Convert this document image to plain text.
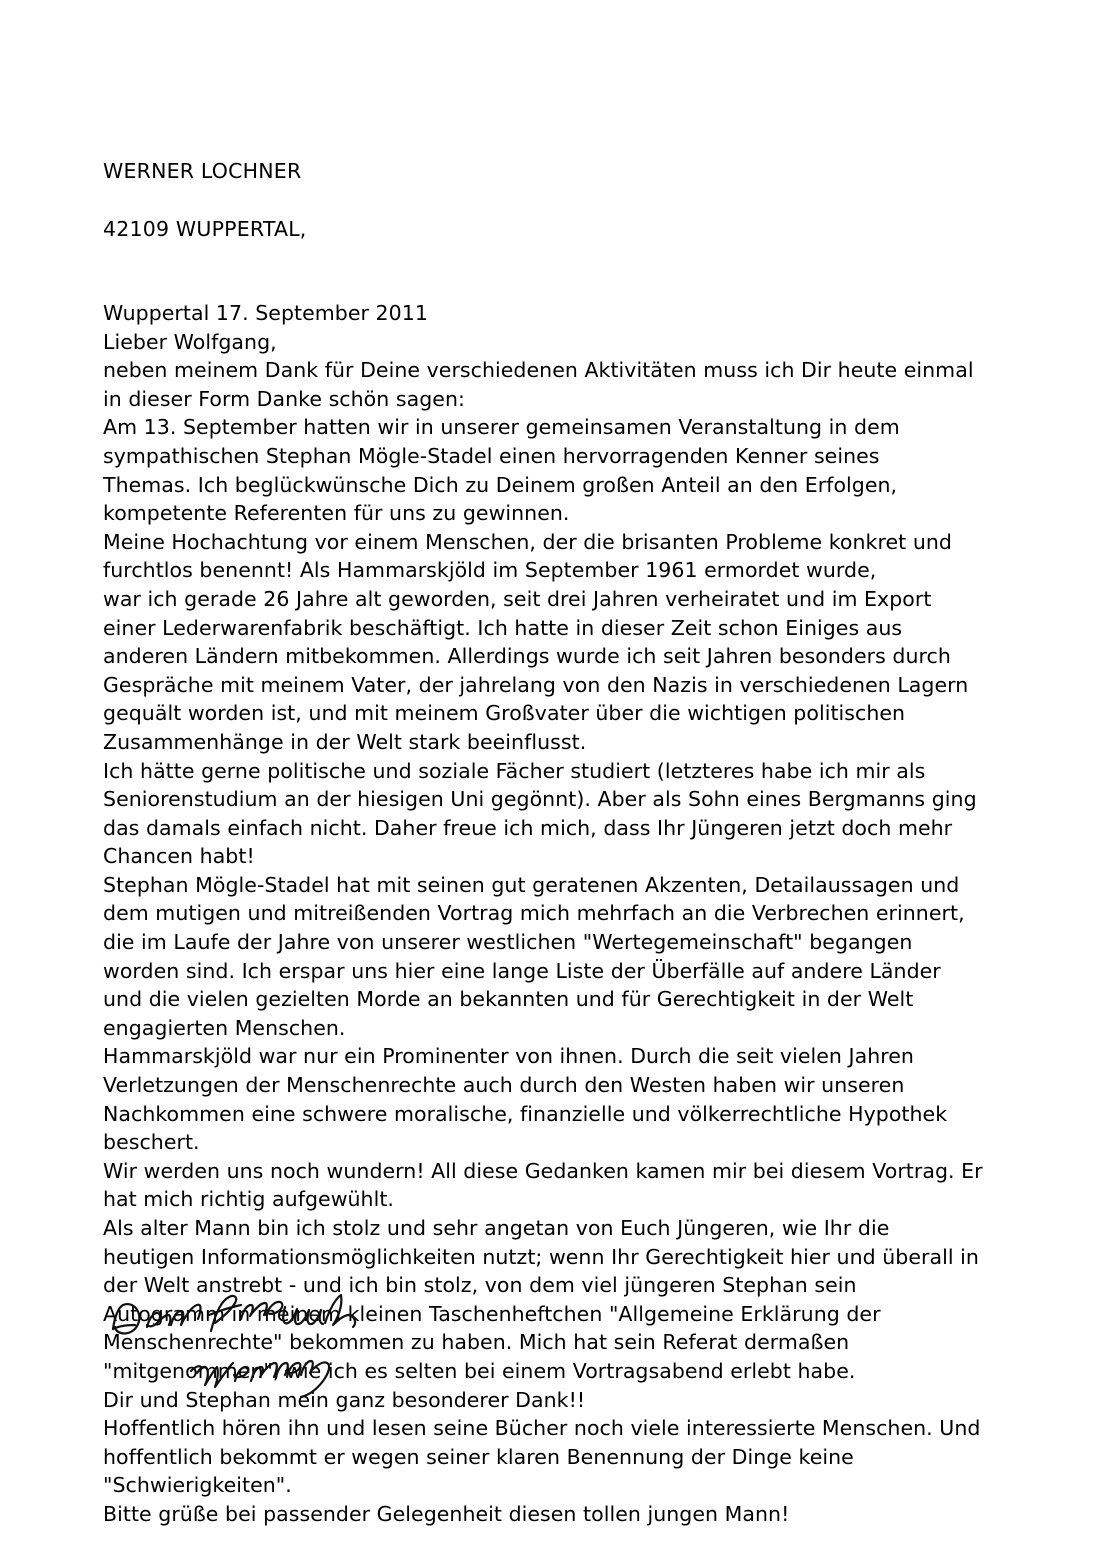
WERNER LOCHNER

42109 WUPPERTAL,

Wuppertal 17. September 2011

Lieber Wolfgang,

neben meinem Dank für Deine verschiedenen Aktivitäten muss ich Dir heute einmal in dieser Form Danke schön sagen:

Am 13. September hatten wir in unserer gemeinsamen Veranstaltung in dem sympathischen Stephan Mögle-Stadel einen hervorragenden Kenner seines

Themas. Ich beglückwünsche Dich zu Deinem großen Anteil an den Erfolgen, kompetente Referenten für uns zu gewinnen.

Meine Hochachtung vor einem Menschen, der die brisanten Probleme konkret und furchtlos benennt! Als Hammarskjöld im September 1961 ermordet wurde,

war ich gerade 26 Jahre alt geworden, seit drei Jahren verheiratet und im Export einer Lederwarenfabrik beschäftigt. Ich hatte in dieser Zeit schon Einiges aus anderen Ländern mitbekommen. Allerdings wurde ich seit Jahren besonders durch Gespräche mit meinem Vater, der jahrelang von den Nazis in verschiedenen Lagern gequält worden ist, und mit meinem Großvater über die wichtigen politischen Zusammenhänge in der Welt stark beeinflusst.

Ich hätte gerne politische und soziale Fächer studiert (letzteres habe ich mir als Seniorenstudium an der hiesigen Uni gegönnt). Aber als Sohn eines Bergmanns ging das damals einfach nicht. Daher freue ich mich, dass Ihr Jüngeren jetzt doch mehr Chancen habt!

Stephan Mögle-Stadel hat mit seinen gut geratenen Akzenten, Detailaussagen und dem mutigen und mitreißenden Vortrag mich mehrfach an die Verbrechen erinnert, die im Laufe der Jahre von unserer westlichen "Wertegemeinschaft" begangen worden sind. Ich erspar uns hier eine lange Liste der Überfälle auf andere Länder und die vielen gezielten Morde an bekannten und für Gerechtigkeit in der Welt engagierten Menschen.

Hammarskjöld war nur ein Prominenter von ihnen. Durch die seit vielen Jahren Verletzungen der Menschenrechte auch durch den Westen haben wir unseren Nachkommen eine schwere moralische, finanzielle und völkerrechtliche Hypothek beschert.

Wir werden uns noch wundern! All diese Gedanken kamen mir bei diesem Vortrag. Er hat mich richtig aufgewühlt.

Als alter Mann bin ich stolz und sehr angetan von Euch Jüngeren, wie Ihr die heutigen Informationsmöglichkeiten nutzt; wenn Ihr Gerechtigkeit hier und überall in der Welt anstrebt - und ich bin stolz, von dem viel jüngeren Stephan sein Autogramm in meinem kleinen Taschenheftchen "Allgemeine Erklärung der Menschenrechte" bekommen zu haben. Mich hat sein Referat dermaßen "mitgenommen", wie ich es selten bei einem Vortragsabend erlebt habe.

Dir und Stephan mein ganz besonderer Dank!!

Hoffentlich hören ihn und lesen seine Bücher noch viele interessierte Menschen. Und hoffentlich bekommt er wegen seiner klaren Benennung der Dinge keine "Schwierigkeiten".

Bitte grüße bei passender Gelegenheit diesen tollen jungen Mann!
